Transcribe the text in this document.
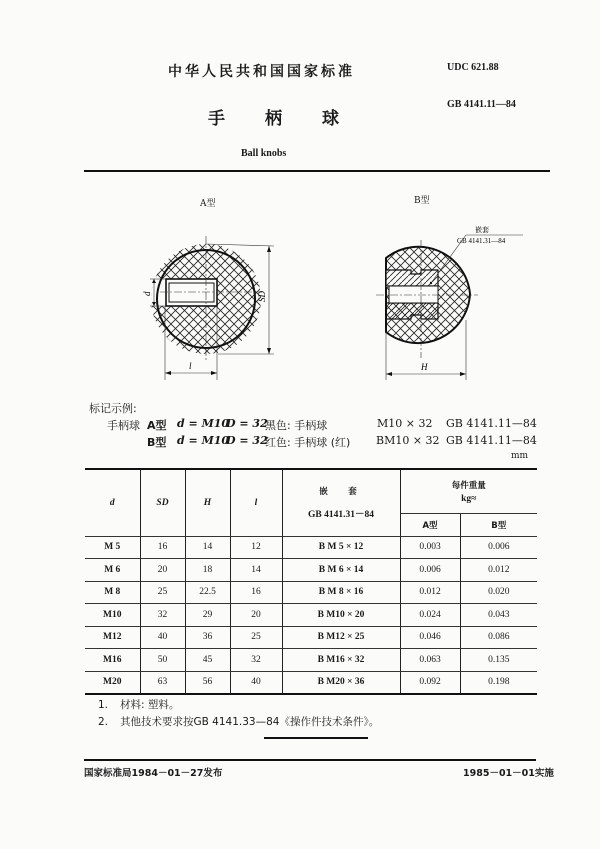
中华人民共和国国家标准	UDC 621.88
GB 4141.11—84
手柄球
Ball knobs
A型	B型
d	SD
l
嵌套
GB 4141.31—84
H
标记示例:
手柄球 A型 d = M10
D = 32
黑色: 手柄球	M10 × 32 GB 4141.11—84
B型 d = M10
D = 32
红色: 手柄球 (红) BM10 × 32 GB 4141.11—84
mm
d	SD	H	l	
嵌　套
GB 4141.31－84

每件重量
kg≈

					A型	B型
M 5	16	14	12	B M 5 × 12	0.003	0.006
M 6	20	18	14	B M 6 × 14	0.006	0.012
M 8	25	22.5	16	B M 8 × 16	0.012	0.020
M10	32	29	20	B M10 × 20	0.024	0.043
M12	40	36	25	B M12 × 25	0.046	0.086
M16	50	45	32	B M16 × 32	0.063	0.135
M20	63	56	40	B M20 × 36	0.092	0.198
1. 材料: 塑料。
2. 其他技术要求按GB 4141.33—84《操作件技术条件》。
国家标准局1984－01－27发布	1985－01－01实施
